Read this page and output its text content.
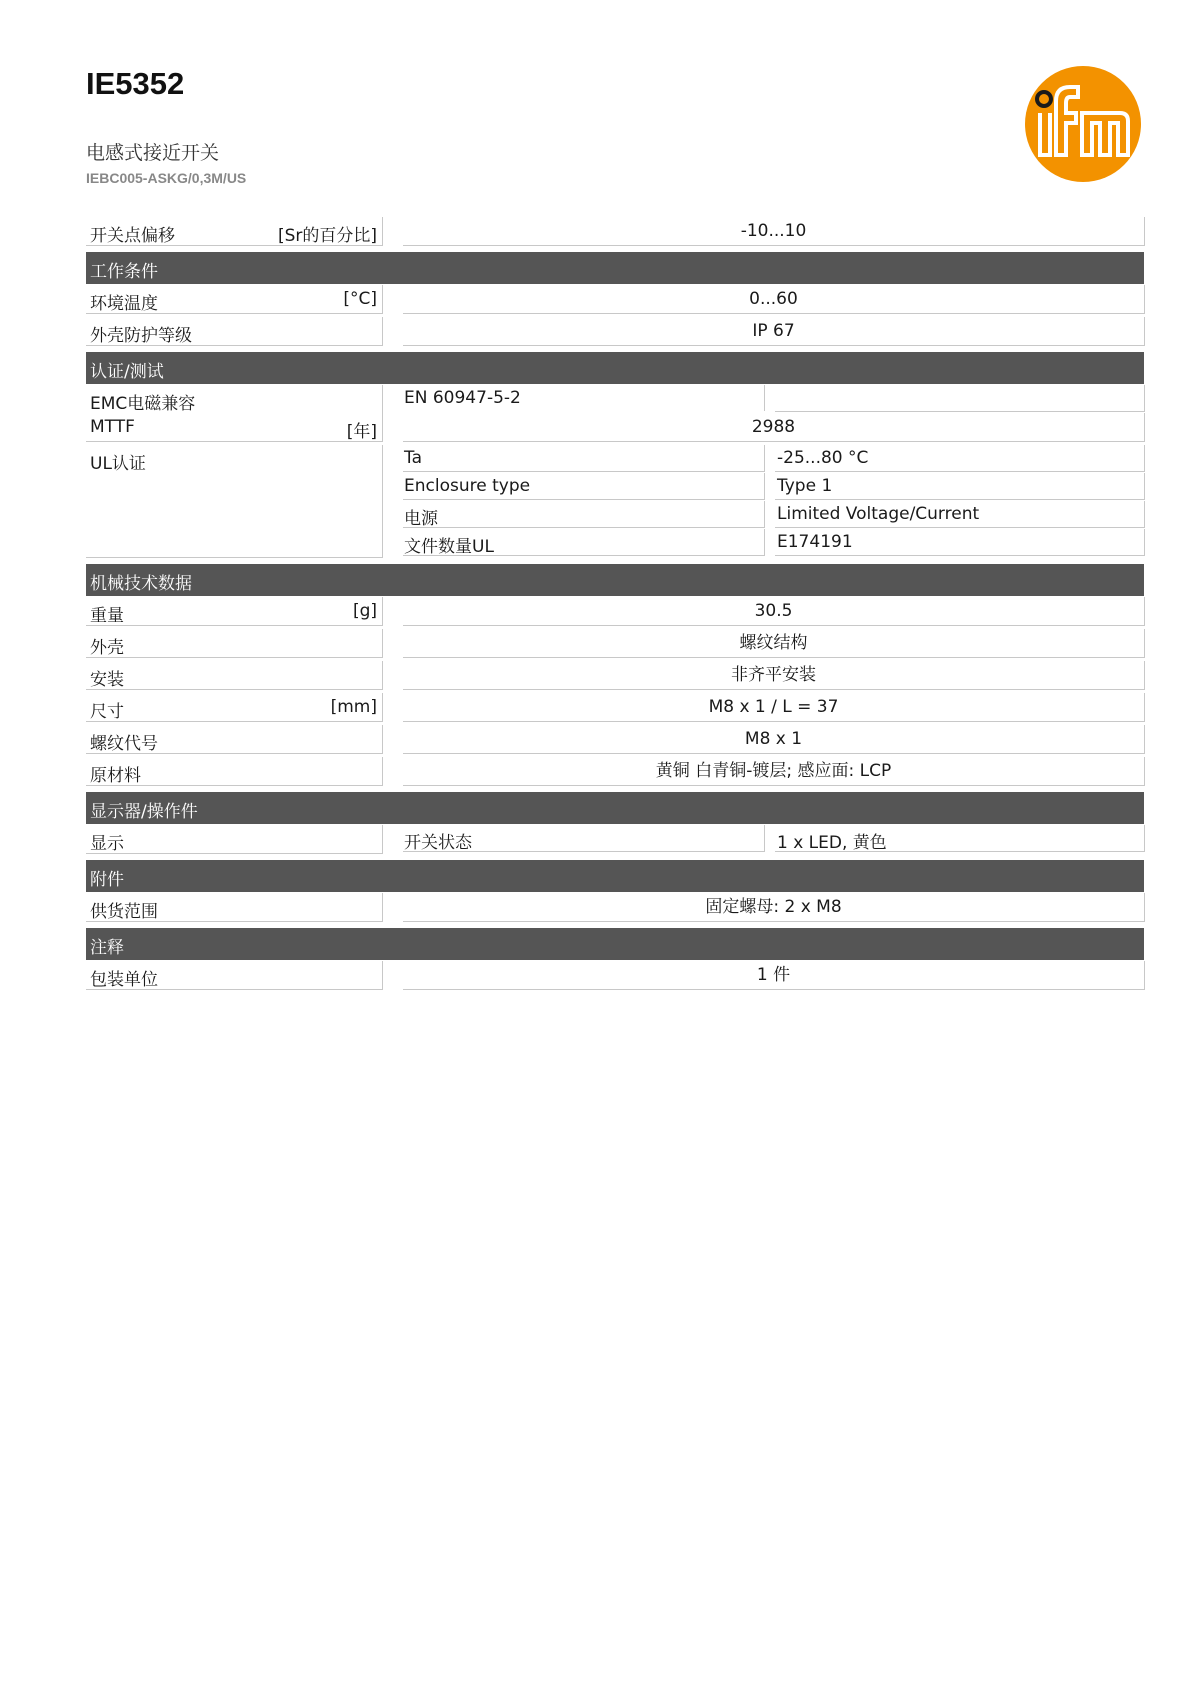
IE5352
电感式接近开关
IEBC005-ASKG/0,3M/US
开关点偏移	[Sr的百分比]	-10...10
工作条件
环境温度	[°C]	0...60
外壳防护等级	IP 67
认证/测试
EMC电磁兼容	EN 60947-5-2
MTTF	[年]	2988
UL认证	Ta	-25...80 °C
Enclosure type	Type 1
电源	Limited Voltage/Current
文件数量UL	E174191
机械技术数据
重量	[g]	30.5
外壳	螺纹结构
安装	非齐平安装
尺寸	[mm]	M8 x 1 / L = 37
螺纹代号	M8 x 1
原材料	黄铜 白青铜-镀层; 感应面: LCP
显示器/操作件
显示	开关状态	1 x LED, 黄色
附件
供货范围	固定螺母: 2 x M8
注释
包装单位	1 件
